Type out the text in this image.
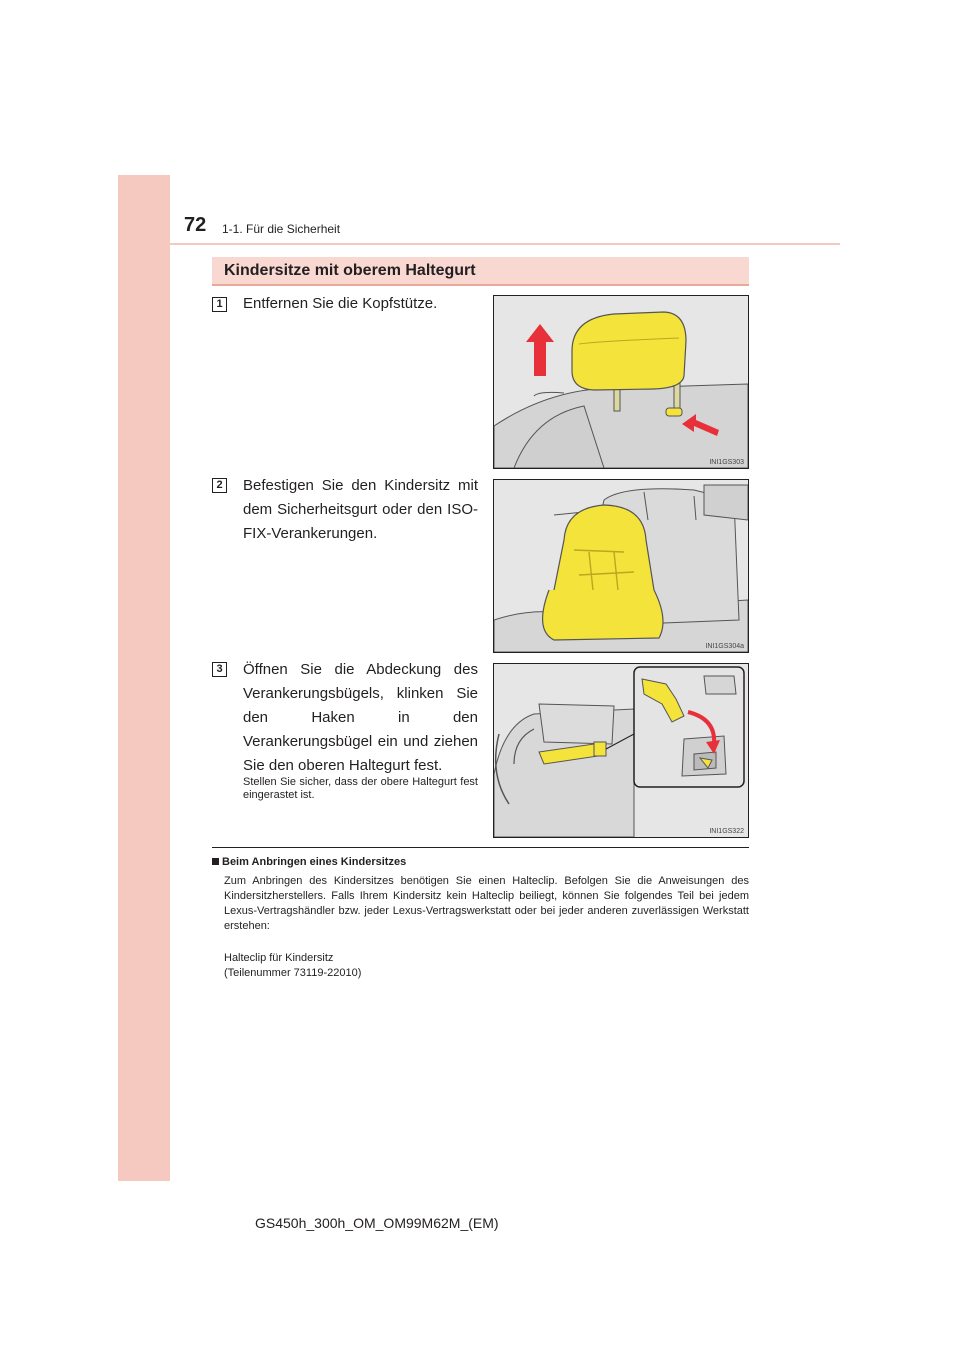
72 1-1. Für die Sicherheit
Kindersitze mit oberem Haltegurt
1 Entfernen Sie die Kopfstütze.
INI1GS303
2 Befestigen Sie den Kindersitz mit dem Sicherheitsgurt oder den ISO-FIX-Verankerungen.
INI1GS304a
3 Öffnen Sie die Abdeckung des Verankerungsbügels, klinken Sie den Haken in den Verankerungsbügel ein und ziehen Sie den oberen Haltegurt fest.
Stellen Sie sicher, dass der obere Haltegurt fest eingerastet ist.
INI1GS322
Beim Anbringen eines Kindersitzes
Zum Anbringen des Kindersitzes benötigen Sie einen Halteclip. Befolgen Sie die Anweisungen des Kindersitzherstellers. Falls Ihrem Kindersitz kein Halteclip beiliegt, können Sie folgendes Teil bei jedem Lexus-Vertragshändler bzw. jeder Lexus-Vertragswerkstatt oder bei jeder anderen zuverlässigen Werkstatt erstehen:
Halteclip für Kindersitz
(Teilenummer 73119-22010)
GS450h_300h_OM_OM99M62M_(EM)
